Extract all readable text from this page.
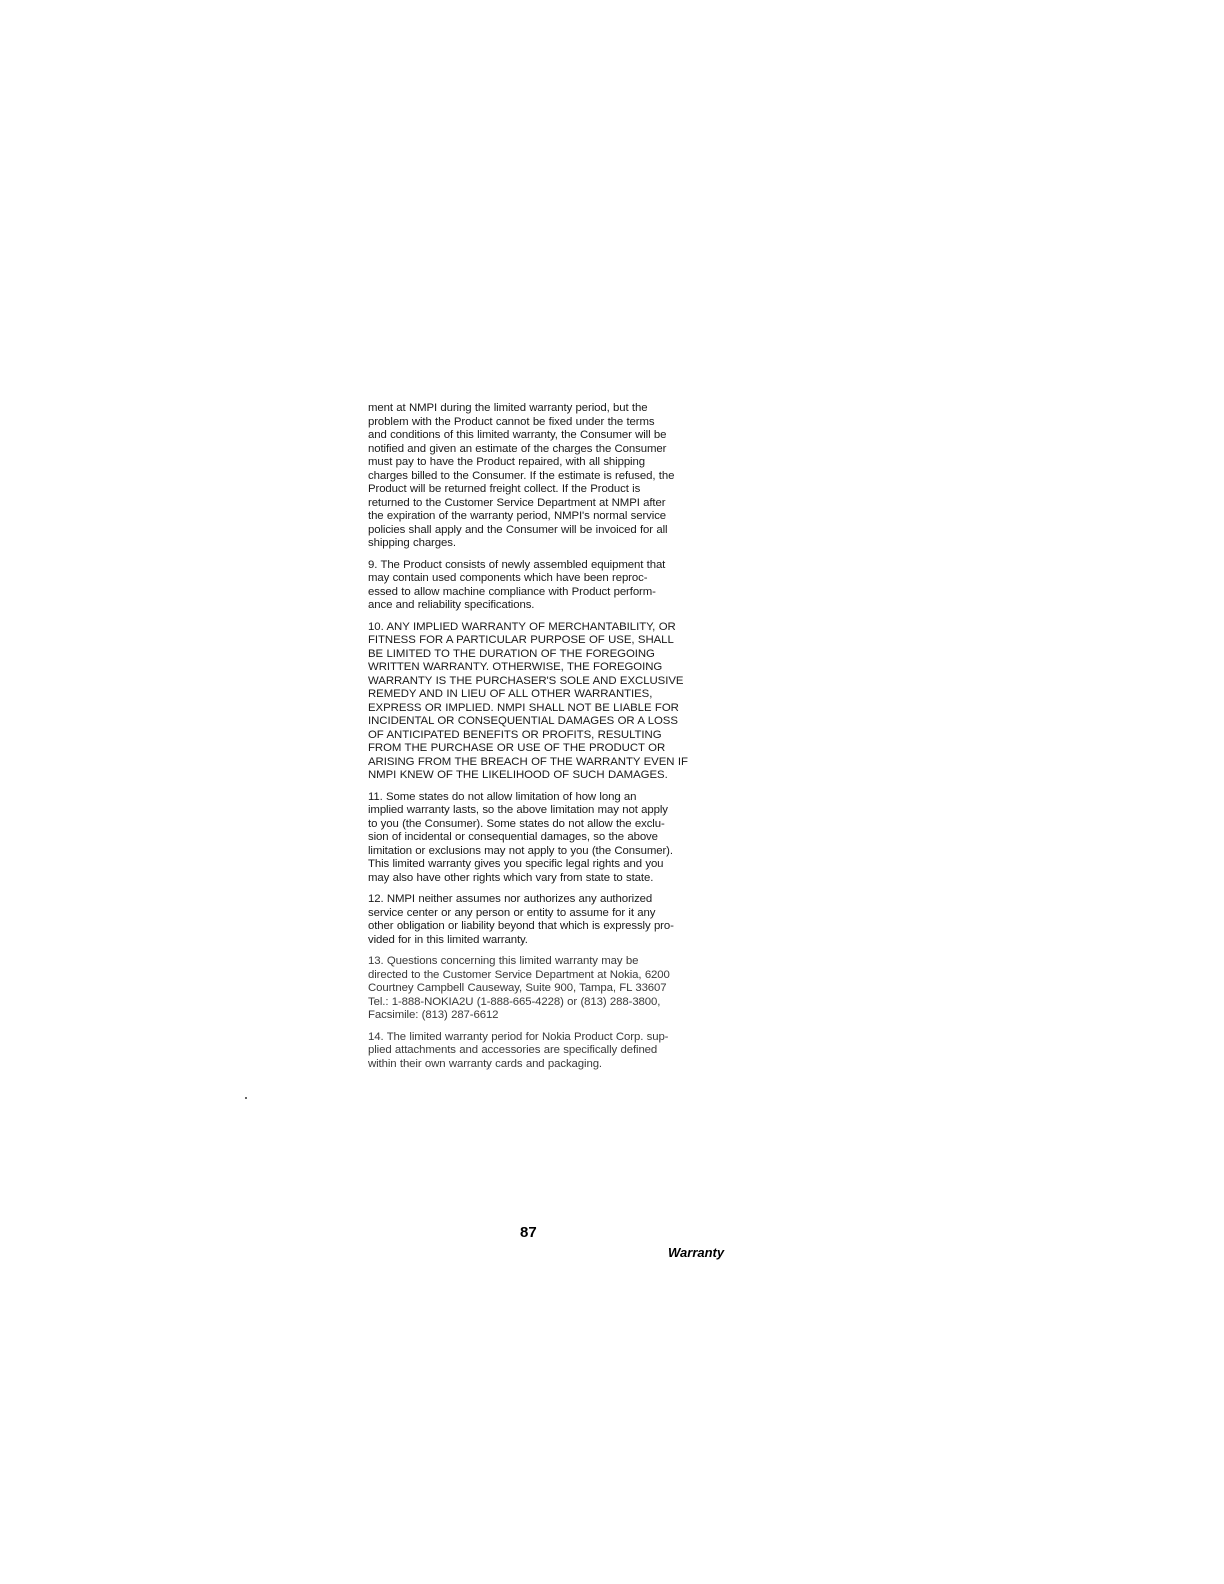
ment at NMPI during the limited warranty period, but the
problem with the Product cannot be fixed under the terms
and conditions of this limited warranty, the Consumer will be
notified and given an estimate of the charges the Consumer
must pay to have the Product repaired, with all shipping
charges billed to the Consumer. If the estimate is refused, the
Product will be returned freight collect. If the Product is
returned to the Customer Service Department at NMPI after
the expiration of the warranty period, NMPI's normal service
policies shall apply and the Consumer will be invoiced for all
shipping charges.
9. The Product consists of newly assembled equipment that
may contain used components which have been reproc-
essed to allow machine compliance with Product perform-
ance and reliability specifications.
10. ANY IMPLIED WARRANTY OF MERCHANTABILITY, OR
FITNESS FOR A PARTICULAR PURPOSE OF USE, SHALL
BE LIMITED TO THE DURATION OF THE FOREGOING
WRITTEN WARRANTY. OTHERWISE, THE FOREGOING
WARRANTY IS THE PURCHASER'S SOLE AND EXCLUSIVE
REMEDY AND IN LIEU OF ALL OTHER WARRANTIES,
EXPRESS OR IMPLIED. NMPI SHALL NOT BE LIABLE FOR
INCIDENTAL OR CONSEQUENTIAL DAMAGES OR A LOSS
OF ANTICIPATED BENEFITS OR PROFITS, RESULTING
FROM THE PURCHASE OR USE OF THE PRODUCT OR
ARISING FROM THE BREACH OF THE WARRANTY EVEN IF
NMPI KNEW OF THE LIKELIHOOD OF SUCH DAMAGES.
11. Some states do not allow limitation of how long an
implied warranty lasts, so the above limitation may not apply
to you (the Consumer). Some states do not allow the exclu-
sion of incidental or consequential damages, so the above
limitation or exclusions may not apply to you (the Consumer).
This limited warranty gives you specific legal rights and you
may also have other rights which vary from state to state.
12. NMPI neither assumes nor authorizes any authorized
service center or any person or entity to assume for it any
other obligation or liability beyond that which is expressly pro-
vided for in this limited warranty.
13. Questions concerning this limited warranty may be
directed to the Customer Service Department at Nokia, 6200
Courtney Campbell Causeway, Suite 900, Tampa, FL 33607
Tel.: 1-888-NOKIA2U (1-888-665-4228) or (813) 288-3800,
Facsimile: (813) 287-6612
14. The limited warranty period for Nokia Product Corp. sup-
plied attachments and accessories are specifically defined
within their own warranty cards and packaging.
87
Warranty
